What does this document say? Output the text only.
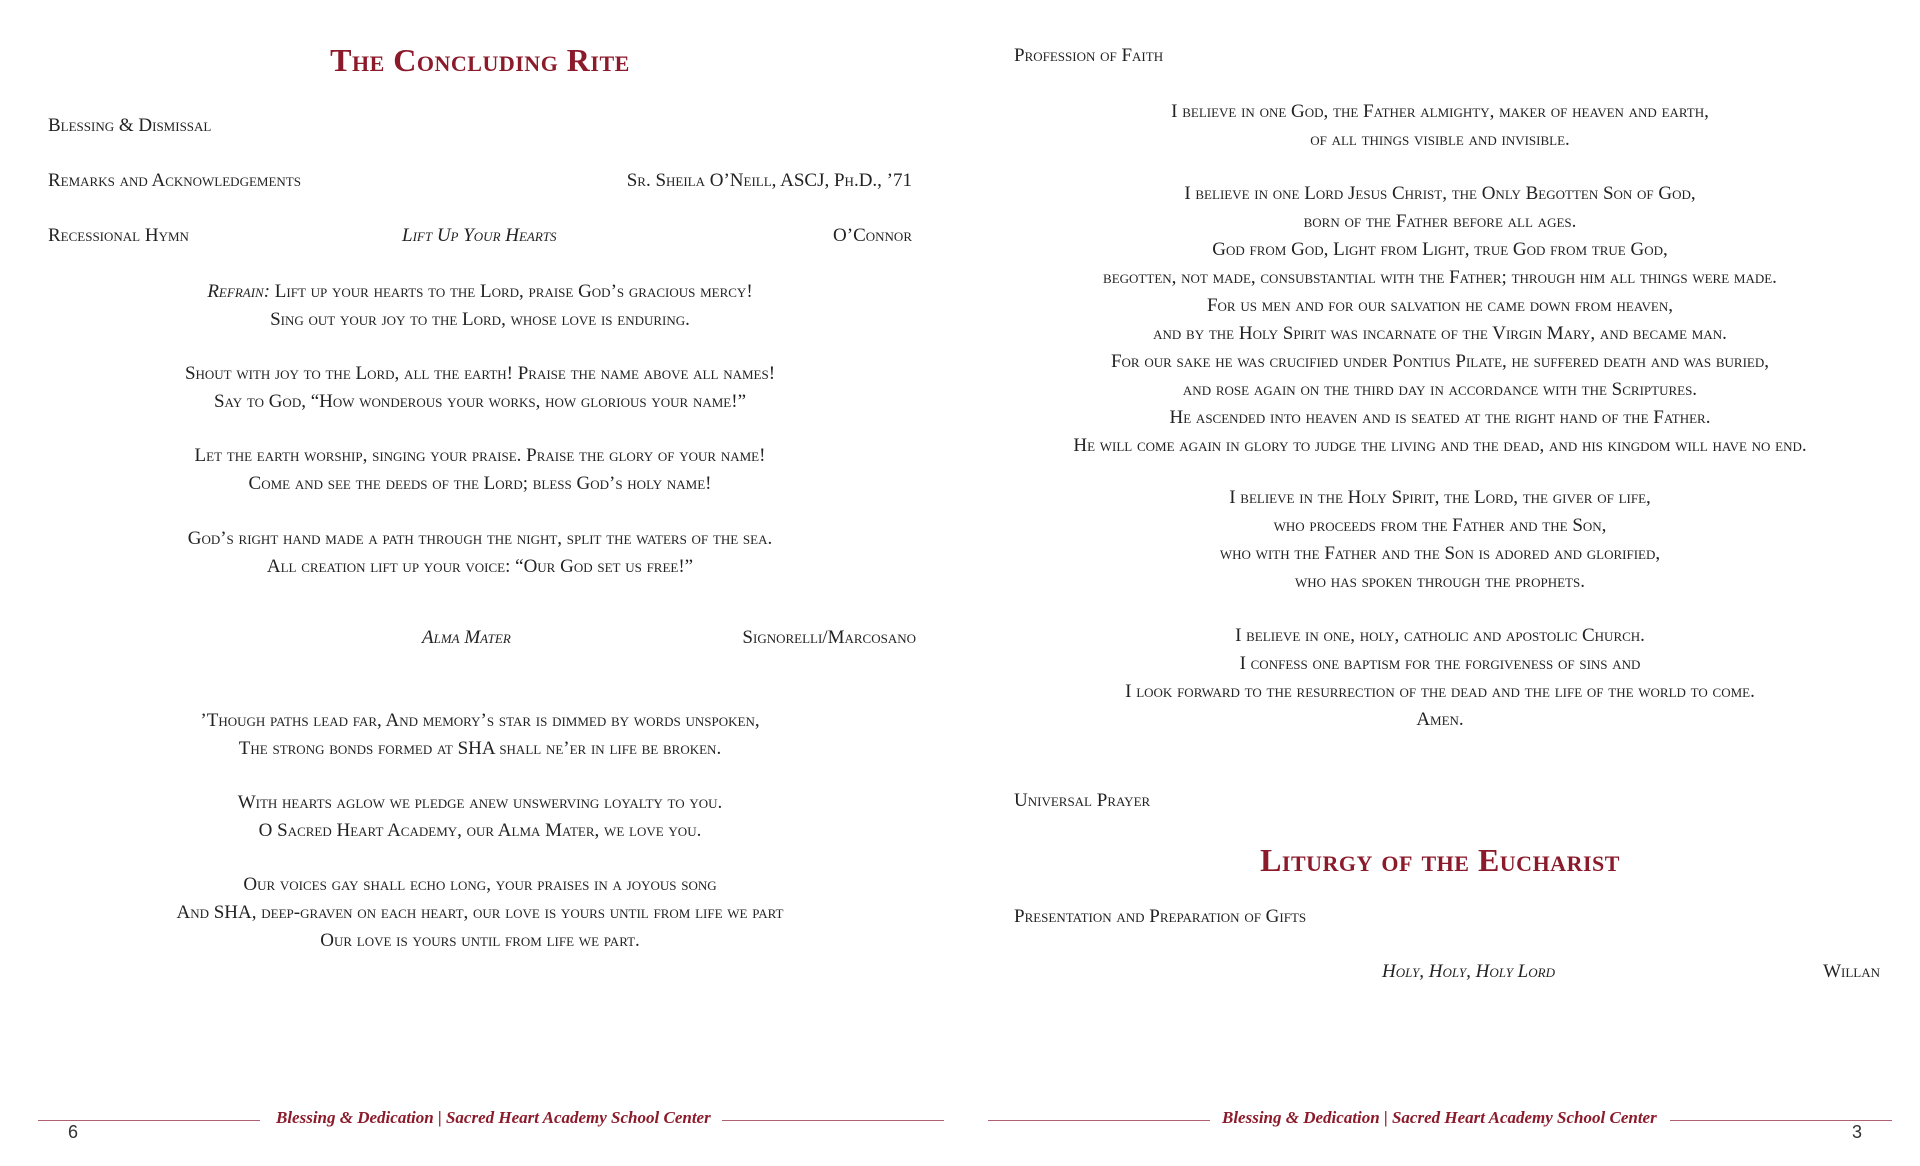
The Concluding Rite
Blessing & Dismissal
Remarks and Acknowledgements	Sr. Sheila O’Neill, ASCJ, Ph.D., ’71
Recessional Hymn	Lift Up Your Hearts	O’Connor
Refrain: Lift up your hearts to the Lord, praise God’s gracious mercy!
Sing out your joy to the Lord, whose love is enduring.
Shout with joy to the Lord, all the earth! Praise the name above all names!
Say to God, “How wonderous your works, how glorious your name!”
Let the earth worship, singing your praise. Praise the glory of your name!
Come and see the deeds of the Lord; bless God’s holy name!
God’s right hand made a path through the night, split the waters of the sea.
All creation lift up your voice: “Our God set us free!”
Alma Mater	Signorelli/Marcosano
’Though paths lead far, And memory’s star is dimmed by words unspoken,
The strong bonds formed at SHA shall ne’er in life be broken.
With hearts aglow we pledge anew unswerving loyalty to you.
O Sacred Heart Academy, our Alma Mater, we love you.
Our voices gay shall echo long, your praises in a joyous song
And SHA, deep-graven on each heart, our love is yours until from life we part
Our love is yours until from life we part.
Blessing & Dedication | Sacred Heart Academy School Center
6
Profession of Faith
I believe in one God, the Father almighty, maker of heaven and earth,
of all things visible and invisible.
I believe in one Lord Jesus Christ, the Only Begotten Son of God,
born of the Father before all ages.
God from God, Light from Light, true God from true God,
begotten, not made, consubstantial with the Father; through him all things were made.
For us men and for our salvation he came down from heaven,
and by the Holy Spirit was incarnate of the Virgin Mary, and became man.
For our sake he was crucified under Pontius Pilate, he suffered death and was buried,
and rose again on the third day in accordance with the Scriptures.
He ascended into heaven and is seated at the right hand of the Father.
He will come again in glory to judge the living and the dead, and his kingdom will have no end.
I believe in the Holy Spirit, the Lord, the giver of life,
who proceeds from the Father and the Son,
who with the Father and the Son is adored and glorified,
who has spoken through the prophets.
I believe in one, holy, catholic and apostolic Church.
I confess one baptism for the forgiveness of sins and
I look forward to the resurrection of the dead and the life of the world to come.
Amen.
Universal Prayer
Liturgy of the Eucharist
Presentation and Preparation of Gifts
Holy, Holy, Holy Lord	Willan
Blessing & Dedication | Sacred Heart Academy School Center
3
